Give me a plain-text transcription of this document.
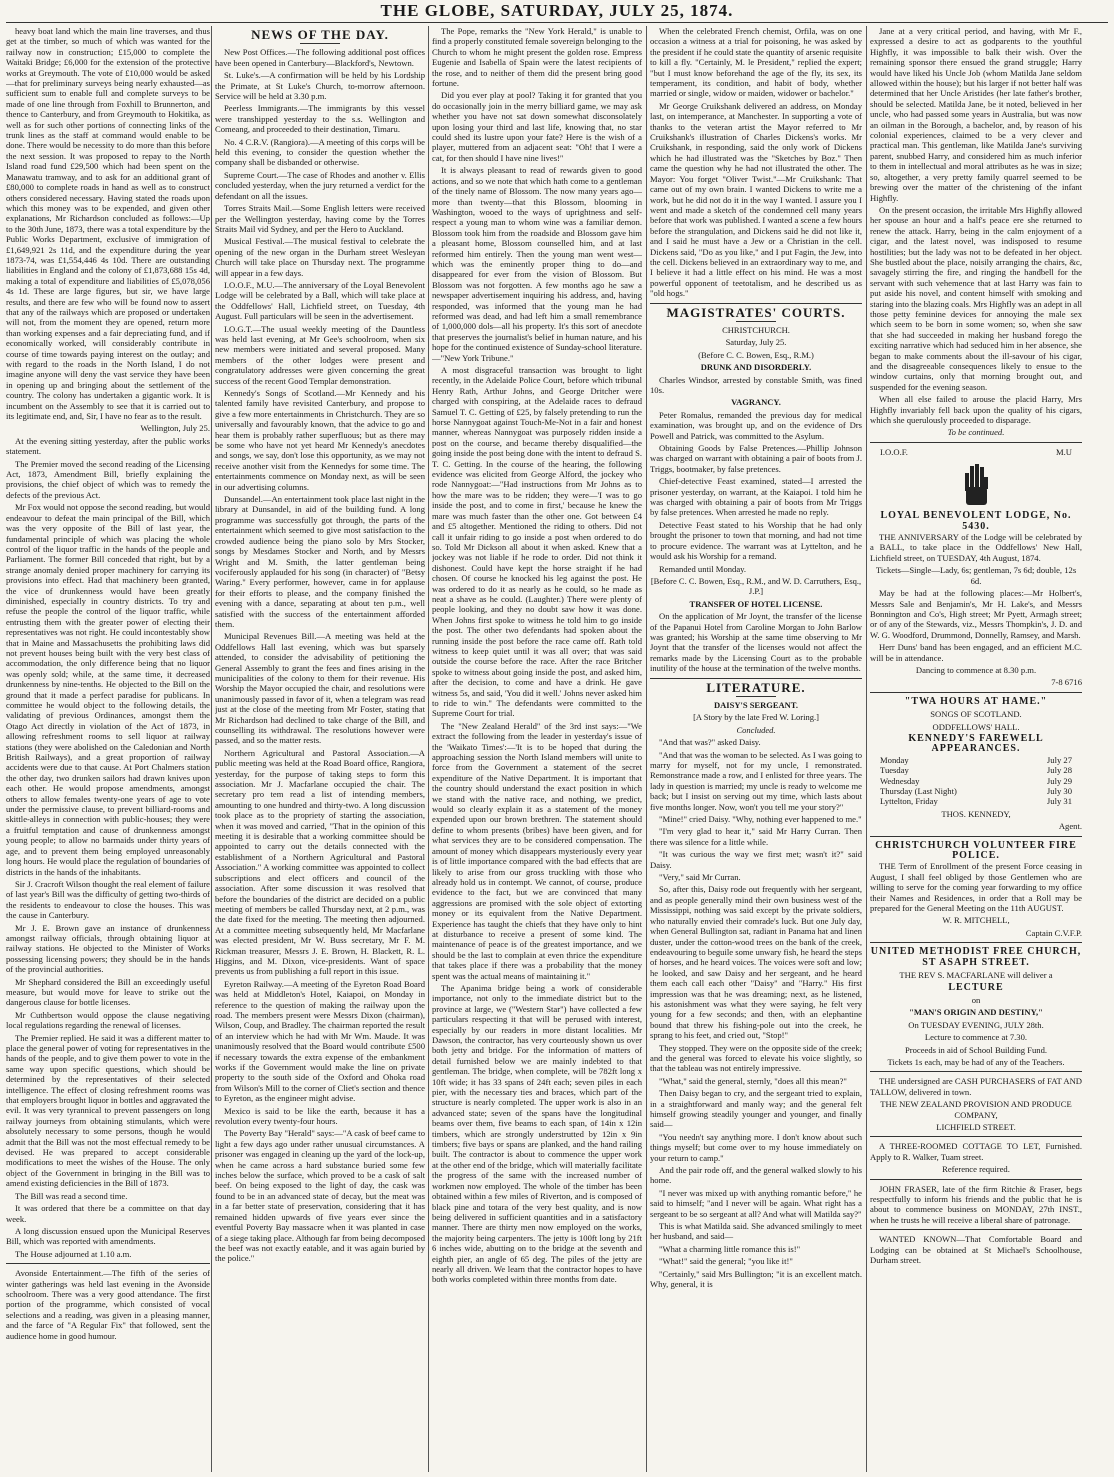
THE GLOBE, SATURDAY, JULY 25, 1874.

heavy boat land which the main line traverses, and thus get at the timber, so much of which was wanted for the railway now in construction; £15,000 to complete the Waitaki Bridge; £6,000 for the extension of the protective works at Greymouth. The vote of £10,000 would be asked—that for preliminary surveys being nearly exhausted—as sufficient sum to enable full and complete surveys to be made of one line through from Foxhill to Brunnerton, and thence to Canterbury, and from Greymouth to Hokitika, as well as for such other portions of connecting links of the trunk lines as the staff at command would enable to be done. There would be necessity to do more than this before the next session. It was proposed to repay to the North Island road fund £29,500 which had been spent on the Manawatu tramway, and to ask for an additional grant of £80,000 to complete roads in hand as well as to construct others considered necessary. Having stated the roads upon which this money was to be expended, and given other explanations, Mr Richardson concluded as follows:—Up to the 30th June, 1873, there was a total expenditure by the Public Works Department, exclusive of immigration of £1,649,921 2s 11d, and the expenditure during the year 1873-74, was £1,554,446 4s 10d. There are outstanding liabilities in England and the colony of £1,873,688 15s 4d, making a total of expenditure and liabilities of £5,078,056 4s 1d. These are large figures, but sir, we have large results, and there are few who will be found now to assert that any of the railways which are proposed or undertaken will not, from the moment they are opened, return more than working expenses and a fair depreciating fund, and if economically worked, will considerably contribute in course of time towards paying interest on the outlay; and with regard to the roads in the North Island, I do not imagine anyone will deny the vast service they have been in opening up and bringing about the settlement of the country. The colony has undertaken a gigantic work. It is incumbent on the Assembly to see that it is carried out to its legitimate end, and, Sir, I have no fear as to the result.

Wellington, July 25.

At the evening sitting yesterday, after the public works statement.

The Premier moved the second reading of the Licensing Act, 1873, Amendment Bill, briefly explaining the provisions, the chief object of which was to remedy the defects of the previous Act.

Mr Fox would not oppose the second reading, but would endeavour to defeat the main principal of the Bill, which was the very opposite of the Bill of last year, the fundamental principle of which was placing the whole control of the liquor traffic in the hands of the people and Parliament. The former Bill conceded that right, but by a strange anomaly denied proper machinery for carrying its provisions into effect. Had that machinery been granted, the vice of drunkenness would have been greatly diminished, especially in country districts. To try and refuse the people the control of the liquor traffic, while entrusting them with the greater power of electing their representatives was not right. He could incontestably show that in Maine and Massachusetts the prohibiting laws did not prevent houses being built with the very best class of accommodation, the only difference being that no liquor was openly sold; while, at the same time, it decreased drunkenness by nine-tenths. He objected to the Bill on the ground that it made a perfect paradise for publicans. In committee he would object to the following details, the validating of previous Ordinances, amongst them the Otago Act directly in violation of the Act of 1873, in allowing refreshment rooms to sell liquor at railway stations (they were abolished on the Caledonian and North British Railways), and a great proportion of railway accidents were due to that cause. At Port Chalmers station the other day, two drunken sailors had drawn knives upon each other. He would propose amendments, amongst others to allow females twenty-one years of age to vote under the permissive clause, to prevent billiard-rooms and skittle-alleys in connection with public-houses; they were a fruitful temptation and cause of drunkenness amongst young people; to allow no barmaids under thirty years of age, and to prevent them being employed unreasonably long hours. He would place the regulation of boundaries of districts in the hands of the inhabitants.

Sir J. Cracroft Wilson thought the real element of failure of last year's Bill was the difficulty of getting two-thirds of the residents to endeavour to close the houses. This was the cause in Canterbury.

Mr J. E. Brown gave an instance of drunkenness amongst railway officials, through obtaining liquor at railway stations. He objected to the Minister of Works possessing licensing powers; they should be in the hands of the provincial authorities.

Mr Shephard considered the Bill an exceedingly useful measure, but would move for leave to strike out the dangerous clause for bottle licenses.

Mr Cuthbertson would oppose the clause negativing local regulations regarding the renewal of licenses.

The Premier replied. He said it was a different matter to place the general power of voting for representatives in the hands of the people, and to give them power to vote in the same way upon specific questions, which should be determined by the representatives of their selected intelligence. The effect of closing refreshment rooms was that employers brought liquor in bottles and aggravated the evil. It was very tyrannical to prevent passengers on long railway journeys from obtaining stimulants, which were absolutely necessary to some persons, though he would admit that the Bill was not the most effectual remedy to be devised. He was prepared to accept considerable modifications to meet the wishes of the House. The only object of the Government in bringing in the Bill was to amend existing deficiencies in the Bill of 1873.

The Bill was read a second time.

It was ordered that there be a committee on that day week.

A long discussion ensued upon the Municipal Reserves Bill, which was reported with amendments.

The House adjourned at 1.10 a.m.

Avonside Entertainment.—The fifth of the series of winter gatherings was held last evening in the Avonside schoolroom. There was a very good attendance. The first portion of the programme, which consisted of vocal selections and a reading, was given in a pleasing manner, and the farce of "A Regular Fix" that followed, sent the audience home in good humour.

NEWS OF THE DAY.

New Post Offices.—The following additional post offices have been opened in Canterbury—Blackford's, Newtown.

St. Luke's.—A confirmation will be held by his Lordship the Primate, at St Luke's Church, to-morrow afternoon. Service will be held at 3.30 p.m.

Peerless Immigrants.—The immigrants by this vessel were transhipped yesterday to the s.s. Wellington and Comeang, and proceeded to their destination, Timaru.

No. 4 C.R.V. (Rangiora).—A meeting of this corps will be held this evening, to consider the question whether the company shall be disbanded or otherwise.

Supreme Court.—The case of Rhodes and another v. Ellis concluded yesterday, when the jury returned a verdict for the defendant on all the issues.

Torres Straits Mail.—Some English letters were received per the Wellington yesterday, having come by the Torres Straits Mail vid Sydney, and per the Hero to Auckland.

Musical Festival.—The musical festival to celebrate the opening of the new organ in the Durham street Wesleyan Church will take place on Thursday next. The programme will appear in a few days.

I.O.O.F., M.U.—The anniversary of the Loyal Benevolent Lodge will be celebrated by a Ball, which will take place at the Oddfellows' Hall, Lichfield street, on Tuesday, 4th August. Full particulars will be seen in the advertisement.

I.O.G.T.—The usual weekly meeting of the Dauntless was held last evening, at Mr Gee's schoolroom, when six new members were initiated and several proposed. Many members of the other lodges were present and congratulatory addresses were given concerning the great success of the recent Good Templar demonstration.

Kennedy's Songs of Scotland.—Mr Kennedy and his talented family have revisited Canterbury, and propose to give a few more entertainments in Christchurch. They are so universally and favourably known, that the advice to go and hear them is probably rather superfluous; but as there may be some who have not yet heard Mr Kennedy's anecdotes and songs, we say, don't lose this opportunity, as we may not receive another visit from the Kennedys for some time. The entertainments commence on Monday next, as will be seen in our advertising columns.

Dunsandel.—An entertainment took place last night in the library at Dunsandel, in aid of the building fund. A long programme was successfully got through, the parts of the entertainment which seemed to give most satisfaction to the crowded audience being the piano solo by Mrs Stocker, songs by Mesdames Stocker and North, and by Messrs Wright and M. Smith, the latter gentleman being vociferously applauded for his song (in character) of "Betsy Waring." Every performer, however, came in for applause for their efforts to please, and the company finished the evening with a dance, separating at about ten p.m., well satisfied with the success of the entertainment afforded them.

Municipal Revenues Bill.—A meeting was held at the Oddfellows Hall last evening, which was but sparsely attended, to consider the advisability of petitioning the General Assembly to grant the fees and fines arising in the municipalities of the colony to them for their revenue. His Worship the Mayor occupied the chair, and resolutions were unanimously passed in favor of it, when a telegram was read just at the close of the meeting from Mr Foster, stating that Mr Richardson had declined to take charge of the Bill, and counselling its withdrawal. The resolutions however were passed, and so the matter rests.

Northern Agricultural and Pastoral Association.—A public meeting was held at the Road Board office, Rangiora, yesterday, for the purpose of taking steps to form this association. Mr J. Macfarlane occupied the chair. The secretary pro tem read a list of intending members, amounting to one hundred and thirty-two. A long discussion took place as to the propriety of starting the association, when it was moved and carried, "That in the opinion of this meeting it is desirable that a working committee should be appointed to carry out the details connected with the establishment of a Northern Agricultural and Pastoral Association." A working committee was appointed to collect subscriptions and elect officers and council of the association. After some discussion it was resolved that before the boundaries of the district are decided on a public meeting of members be called Thursday next, at 2 p.m., was the date fixed for the meeting. The meeting then adjourned. At a committee meeting subsequently held, Mr Macfarlane was elected president, Mr W. Buss secretary, Mr F. M. Rickman treasurer, Messrs J. E. Brown, H. Blackett, R. L. Higgins, and M. Dixon, vice-presidents. Want of space prevents us from publishing a full report in this issue.

Eyreton Railway.—A meeting of the Eyreton Road Board was held at Middleton's Hotel, Kaiapoi, on Monday in reference to the question of making the railway upon the road. The members present were Messrs Dixon (chairman), Wilson, Coup, and Bradley. The chairman reported the result of an interview which he had with Mr Wm. Maude. It was unanimously resolved that the Board would contribute £500 if necessary towards the extra expense of the embankment works if the Government would make the line on private property to the south side of the Oxford and Ohoka road from Wilson's Mill to the corner of Cliet's section and thence to Eyreton, as the engineer might advise.

Mexico is said to be like the earth, because it has a revolution every twenty-four hours.

The Poverty Bay "Herald" says:—"A cask of beef came to light a few days ago under rather unusual circumstances. A prisoner was engaged in cleaning up the yard of the lock-up, when he came across a hard substance buried some few inches below the surface, which proved to be a cask of salt beef. On being exposed to the light of day, the cask was found to be in an advanced state of decay, but the meat was in a far better state of preservation, considering that it has remained hidden upwards of five years ever since the eventful Poverty Bay massacre when it was planted in case of a siege taking place. Although far from being decomposed the beef was not exactly eatable, and it was again buried by the police."

The Pope, remarks the "New York Herald," is unable to find a properly constituted female sovereign belonging to the Church to whom he might present the golden rose. Empress Eugenie and Isabella of Spain were the latest recipients of the rose, and to neither of them did the present bring good fortune.

Did you ever play at pool? Taking it for granted that you do occasionally join in the merry billiard game, we may ask whether you have not sat down somewhat disconsolately upon losing your third and last life, knowing that, no star could shed its lustre upon your fate? Here is the wish of a player, muttered from an adjacent seat: "Oh! that I were a cat, for then should I have nine lives!"

It is always pleasant to read of rewards given to good actions, and so we note that which hath come to a gentleman of the tinely name of Blossom. The now many years ago—more than twenty—that this Blossom, blooming in Washington, wooed to the ways of uprightness and self-respect a young man to whom wine was a familiar demon. Blossom took him from the roadside and Blossom gave him a pleasant home, Blossom counselled him, and at last reformed him entirely. Then the young man went west—which was the eminently proper thing to do—and disappeared for ever from the vision of Blossom. But Blossom was not forgotten. A few months ago he saw a newspaper advertisement inquiring his address, and, having responded, was informed that the young man he had reformed was dead, and had left him a small remembrance of 1,000,000 dols—all his property. It's this sort of anecdote that preserves the journalist's belief in human nature, and his hope for the continued existence of Sunday-school literature.—"New York Tribune."

A most disgraceful transaction was brought to light recently, in the Adelaide Police Court, before which tribunal Henry Rath, Arthur Johns, and George Dritcher were charged with conspiring, at the Adelaide races to defraud Samuel T. C. Getting of £25, by falsely pretending to run the horse Nannygoat against Touch-Me-Not in a fair and honest manner, whereas Nannygoat was purposely ridden inside a post on the course, and became thereby disqualified—the going inside the post being done with the intent to defraud S. T. C. Getting. In the course of the hearing, the following evidence was elicited from George Alford, the jockey who rode Nannygoat:—"Had instructions from Mr Johns as to how the mare was to be ridden; they were—'I was to go inside the post, and to come in first,' because he knew the mare was much faster than the other one. Got between £4 and £5 altogether. Mentioned the riding to others. Did not call it unfair riding to go inside a post when ordered to do so. Told Mr Dickson all about it when asked. Knew that a jockey was not liable if he rode to order. Did not think it dishonest. Could have kept the horse straight if he had chosen. Of course he knocked his leg against the post. He was ordered to do it as nearly as he could, so he made as neat a shave as he could. (Laughter.) There were plenty of people looking, and they no doubt saw how it was done. When Johns first spoke to witness he told him to go inside the post. The other two defendants had spoken about the running inside the post before the race came off. Rath told witness to keep quiet until it was all over; that was said outside the course before the race. After the race Britcher spoke to witness about going inside the post, and asked him, after the decision, to come and have a drink. He gave witness 5s, and said, 'You did it well.' Johns never asked him to ride to win." The defendants were committed to the Supreme Court for trial.

The "New Zealand Herald" of the 3rd inst says:—"We extract the following from the leader in yesterday's issue of the 'Waikato Times':—'It is to be hoped that during the approaching session the North Island members will unite to force from the Government a statement of the secret expenditure of the Native Department. It is important that the country should understand the exact position in which we stand with the native race, and nothing, we predict, would so clearly explain it as a statement of the money expended upon our brown brethren. The statement should define to whom presents (bribes) have been given, and for what services they are to be considered compensation. The amount of money which disappears mysteriously every year is of little importance compared with the bad effects that are likely to arise from our gross truckling with those who already hold us in contempt. We cannot, of course, produce evidence to the fact, but we are convinced that many aggressions are promised with the sole object of extorting money or its equivalent from the Native Department. Experience has taught the chiefs that they have only to hint at disturbance to receive a present of some kind. The maintenance of peace is of the greatest importance, and we should be the last to complain at even thrice the expenditure that takes place if there was a probability that the money spent was the actual means of maintaining it."

The Apanima bridge being a work of considerable importance, not only to the immediate district but to the province at large, we ("Western Star") have collected a few particulars respecting it that will be perused with interest, especially by our readers in more distant localities. Mr Dawson, the contractor, has very courteously shown us over both jetty and bridge. For the information of matters of detail furnished below we are mainly indebted to that gentleman. The bridge, when complete, will be 782ft long x 10ft wide; it has 33 spans of 24ft each; seven piles in each pier, with the necessary ties and braces, which part of the structure is nearly completed. The upper work is also in an advanced state; seven of the spans have the longitudinal beams over them, five beams to each span, of 14in x 12in timbers, which are strongly understrutted by 12in x 9in timbers; five bays or spans are planked, and the hand railing built. The contractor is about to commence the upper work at the other end of the bridge, which will materially facilitate the progress of the same with the increased number of workmen now employed. The whole of the timber has been obtained within a few miles of Riverton, and is composed of black pine and totara of the very best quality, and is now being delivered in sufficient quantities and in a satisfactory manner. There are thirty men now employed on the works, the majority being carpenters. The jetty is 100ft long by 21ft 6 inches wide, abutting on to the bridge at the seventh and eighth pier, an angle of 65 deg. The piles of the jetty are nearly all driven. We learn that the contractor hopes to have both works completed within three months from date.

When the celebrated French chemist, Orfila, was on one occasion a witness at a trial for poisoning, he was asked by the president if he could state the quantity of arsenic requisite to kill a fly. "Certainly, M. le President," replied the expert; "but I must know beforehand the age of the fly, its sex, its temperament, its condition, and habit of body, whether married or single, widow or maiden, widower or bachelor."

Mr George Cruikshank delivered an address, on Monday last, on intemperance, at Manchester. In supporting a vote of thanks to the veteran artist the Mayor referred to Mr Cruikshank's illustration of Charles Dickens's works. Mr Cruikshank, in responding, said the only work of Dickens which he had illustrated was the "Sketches by Boz." Then came the question why he had not illustrated the other. The Mayor: You forget "Oliver Twist."—Mr Cruikshank: That came out of my own brain. I wanted Dickens to write me a work, but he did not do it in the way I wanted. I assure you I went and made a sketch of the condemned cell many years before that work was published. I wanted a scene a few hours before the strangulation, and Dickens said he did not like it, and I said he must have a Jew or a Christian in the cell. Dickens said, "Do as you like," and I put Fagin, the Jew, into the cell. Dickens believed in an extraordinary way to me, and I believe it had a little effect on his mind. He was a most powerful opponent of teetotalism, and he described us as "old hogs."

MAGISTRATES' COURTS.
CHRISTCHURCH.
Saturday, July 25.
(Before C. C. Bowen, Esq., R.M.)
DRUNK AND DISORDERLY.

Charles Windsor, arrested by constable Smith, was fined 10s.

VAGRANCY.

Peter Romalus, remanded the previous day for medical examination, was brought up, and on the evidence of Drs Powell and Patrick, was committed to the Asylum.

Obtaining Goods by False Pretences.—Phillip Johnson was charged on warrant with obtaining a pair of boots from J. Triggs, bootmaker, by false pretences.

Chief-detective Feast examined, stated—I arrested the prisoner yesterday, on warrant, at the Kaiapoi. I told him he was charged with obtaining a pair of boots from Mr Triggs by false pretences. When arrested he made no reply.

Detective Feast stated to his Worship that he had only brought the prisoner to town that morning, and had not time to procure evidence. The warrant was at Lyttelton, and he would ask his Worship for a remand.

Remanded until Monday.

[Before C. C. Bowen, Esq., R.M., and W. D. Carruthers, Esq., J.P.]
TRANSFER OF HOTEL LICENSE.

On the application of Mr Joynt, the transfer of the license of the Papanui Hotel from Caroline Morgan to John Barlow was granted; his Worship at the same time observing to Mr Joynt that the transfer of the licenses would not affect the remarks made by the Licensing Court as to the probable inutility of the house at the termination of the twelve months.

LITERATURE.
DAISY'S SERGEANT.
[A Story by the late Fred W. Loring.]
Concluded.

"And that was?" asked Daisy.

"And that was the woman to be selected. As I was going to marry for myself, not for my uncle, I remonstrated. Remonstrance made a row, and I enlisted for three years. The lady in question is married; my uncle is ready to welcome me back; but I insist on serving out my time, which lasts about five months longer. Now, won't you tell me your story?"

"Mine!" cried Daisy. "Why, nothing ever happened to me."

"I'm very glad to hear it," said Mr Harry Curran. Then there was silence for a little while.

"It was curious the way we first met; wasn't it?" said Daisy.

"Very," said Mr Curran.

So, after this, Daisy rode out frequently with her sergeant, and as people generally mind their own business west of the Mississippi, nothing was said except by the private soldiers, who naturally envied their comrade's luck. But one July day, when General Bullington sat, radiant in Panama hat and linen duster, under the cotton-wood trees on the bank of the creek, endeavouring to beguile some unwary fish, he heard the steps of horses, and he heard voices. The voices were soft and low; he looked, and saw Daisy and her sergeant, and he heard them each call each other "Daisy" and "Harry." His first impression was that he was dreaming; next, as he listened, his astonishment was what they were saying, he felt very young for a few seconds; and then, with an elephantine bound that threw his fishing-pole out into the creek, he sprang to his feet, and cried out, "Stop!"

They stopped. They were on the opposite side of the creek; and the general was forced to elevate his voice slightly, so that the tableau was not entirely impressive.

"What," said the general, sternly, "does all this mean?"

Then Daisy began to cry, and the sergeant tried to explain, in a straightforward and manly way; and the general felt himself growing steadily younger and younger, and finally said—

"You needn't say anything more. I don't know about such things myself; but come over to my house immediately on your return to camp."

And the pair rode off, and the general walked slowly to his home.

"I never was mixed up with anything romantic before," he said to himself; "and I never will be again. What right has a sergeant to be so sergeant at all? And what will Matilda say?"

This is what Matilda said. She advanced smilingly to meet her husband, and said—

"What a charming little romance this is!"

"What!" said the general; "you like it!"

"Certainly," said Mrs Bullington; "it is an excellent match. Why, general, it is

Jane at a very critical period, and having, with Mr F., expressed a desire to act as godparents to the youthful Highfly, it was impossible to balk their wish. Over the remaining sponsor there ensued the grand struggle; Harry would have liked his Uncle Job (whom Matilda Jane seldom allowed within the house); but his larger if not better half was determined that her Uncle Aristides (her late father's brother, should be selected. Matilda Jane, be it noted, believed in her uncle, who had passed some years in Australia, but was now an oilman in the Borough, a bachelor, and, by reason of his colonial experiences, claimed to be a very clever and practical man. This gentleman, like Matilda Jane's surviving parent, snubbed Harry, and considered him as much inferior to them in intellectual and moral attributes as he was in size; so, altogether, a very pretty family quarrel seemed to be brewing over the matter of the christening of the infant Highfly.

On the present occasion, the irritable Mrs Highfly allowed her spouse an hour and a half's peace ere she returned to renew the attack. Harry, being in the calm enjoyment of a cigar, and the latest novel, was indisposed to resume hostilities; but the lady was not to be defeated in her object. She bustled about the place, noisily arranging the chairs, &c, savagely stirring the fire, and ringing the handbell for the servant with such vehemence that at last Harry was fain to put aside his novel, and content himself with smoking and staring into the blazing coals. Mrs Highfly was an adept in all those petty feminine devices for annoying the male sex which seem to be born in some women; so, when she saw that she had succeeded in making her husband forego the exciting narrative which had seduced him in her absence, she began to make comments about the ill-savour of his cigar, and the disagreeable consequences likely to ensue to the window curtains, only that morning brought out, and suspended for the evening season.

When all else failed to arouse the placid Harry, Mrs Highfly invariably fell back upon the quality of his cigars, which she querulously proceeded to disparage.

To be continued.
I.O.O.F.	M.U
LOYAL BENEVOLENT LODGE, No. 5430.

THE ANNIVERSARY of the Lodge will be celebrated by a BALL, to take place in the Oddfellows' New Hall, Lichfield street, on TUESDAY, 4th August, 1874.

Tickets—Single—Lady, 6s; gentleman, 7s 6d; double, 12s 6d.

May be had at the following places:—Mr Holbert's, Messrs Sale and Benjamin's, Mr H. Lake's, and Messrs Bonnington and Co's, High street; Mr Pyett, Armagh street; or of any of the Stewards, viz., Messrs Thompkin's, J. D. and W. G. Woodford, Drummond, Donnelly, Ramsey, and Marsh.

Herr Duns' band has been engaged, and an efficient M.C. will be in attendance.

Dancing to commence at 8.30 p.m.
7-8 6716
"TWA HOURS AT HAME."
SONGS OF SCOTLAND.
ODDFELLOWS' HALL.
KENNEDY'S FAREWELL APPEARANCES.
Monday	July 27
Tuesday	July 28
Wednesday	July 29
Thursday (Last Night)	July 30
Lyttelton, Friday	July 31
THOS. KENNEDY,
Agent.
CHRISTCHURCH VOLUNTEER FIRE POLICE.

THE Term of Enrollment of the present Force ceasing in August, I shall feel obliged by those Gentlemen who are willing to serve for the coming year forwarding to my office their Names and Residences, in order that a Roll may be prepared for the General Meeting on the 11th AUGUST.

W. R. MITCHELL,
Captain C.V.F.P.
UNITED METHODIST FREE CHURCH, ST ASAPH STREET.
THE REV S. MACFARLANE will deliver a
LECTURE
on
"MAN'S ORIGIN AND DESTINY,"
On TUESDAY EVENING, JULY 28th.
Lecture to commence at 7.30.
Proceeds in aid of School Building Fund.
Tickets 1s each, may be had of any of the Teachers.

THE undersigned are CASH PURCHASERS of FAT AND TALLOW, delivered in town.

THE NEW ZEALAND PROVISION AND PRODUCE COMPANY,
LICHFIELD STREET.

A THREE-ROOMED COTTAGE TO LET, Furnished. Apply to R. Walker, Tuam street.

Reference required.

JOHN FRASER, late of the firm Ritchie & Fraser, begs respectfully to inform his friends and the public that he is about to commence business on MONDAY, 27th INST., when he trusts he will receive a liberal share of patronage.

WANTED KNOWN—That Comfortable Board and Lodging can be obtained at St Michael's Schoolhouse, Durham street.
